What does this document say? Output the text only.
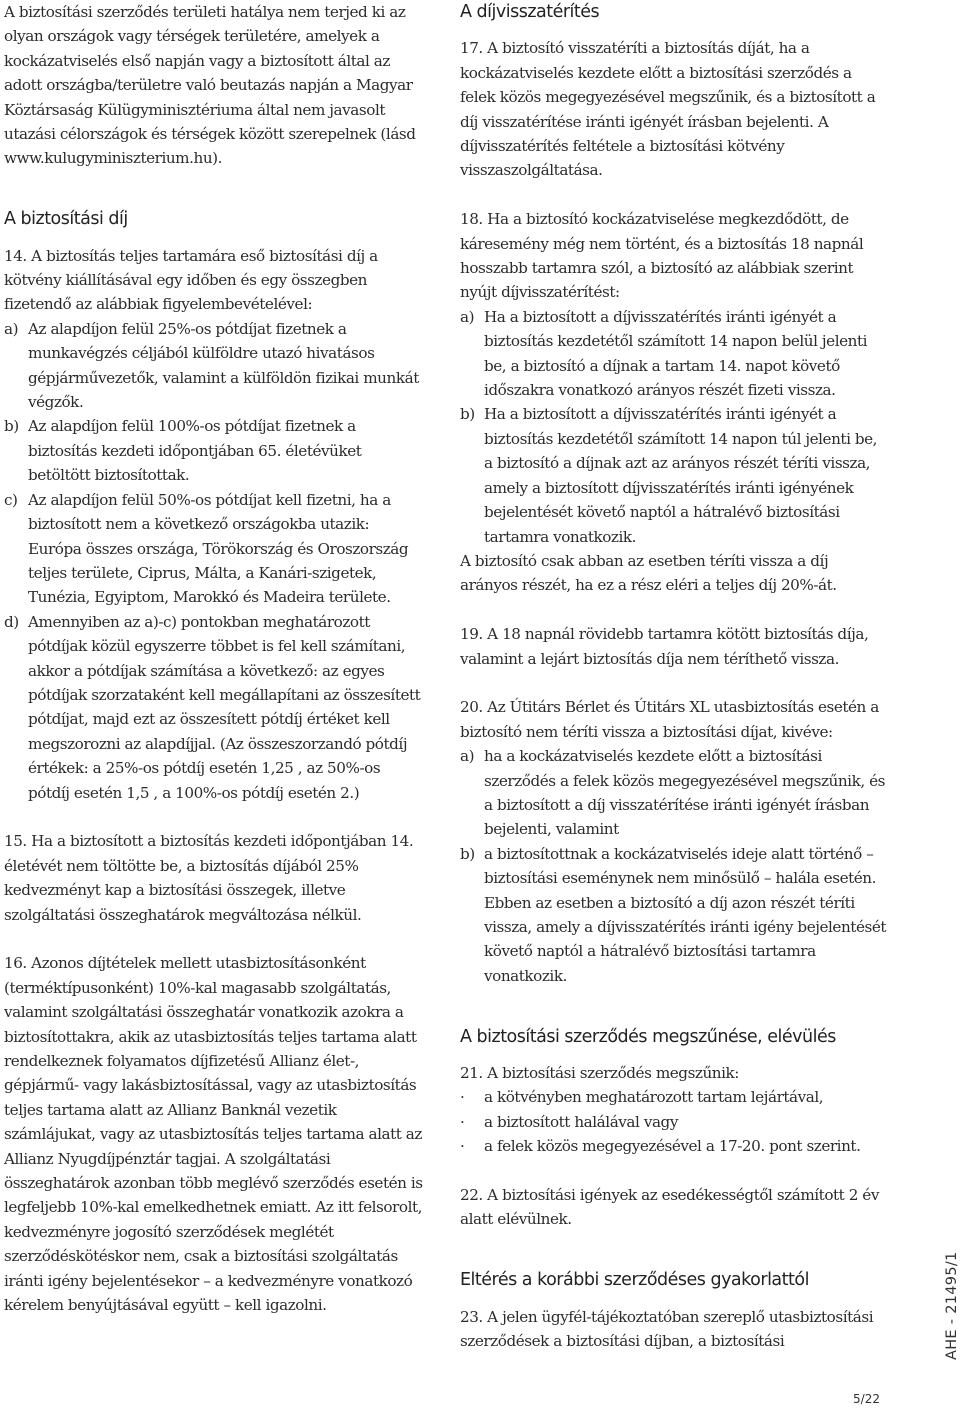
A biztosítási szerződés területi hatálya nem terjed ki az olyan országok vagy térségek területére, amelyek a kockázatviselés első napján vagy a biztosított által az adott országba/területre való beutazás napján a Magyar Köztársaság Külügyminisztériuma által nem javasolt utazási célországok és térségek között szerepelnek (lásd www.kulugyminiszterium.hu).

A biztosítási díj

14. A biztosítás teljes tartamára eső biztosítási díj a kötvény kiállításával egy időben és egy összegben fizetendő az alábbiak figyelembevételével:

a) Az alapdíjon felül 25%-os pótdíjat fizetnek a munkavégzés céljából külföldre utazó hivatásos gépjárművezetők, valamint a külföldön fizikai munkát végzők.
b) Az alapdíjon felül 100%-os pótdíjat fizetnek a biztosítás kezdeti időpontjában 65. életévüket betöltött biztosítottak.
c) Az alapdíjon felül 50%-os pótdíjat kell fizetni, ha a biztosított nem a következő országokba utazik: Európa összes országa, Törökország és Oroszország teljes területe, Ciprus, Málta, a Kanári-szigetek, Tunézia, Egyiptom, Marokkó és Madeira területe.
d) Amennyiben az a)-c) pontokban meghatározott pótdíjak közül egyszerre többet is fel kell számítani, akkor a pótdíjak számítása a következő: az egyes pótdíjak szorzataként kell megállapítani az összesített pótdíjat, majd ezt az összesített pótdíj értéket kell megszorozni az alapdíjjal. (Az összeszorzandó pótdíj értékek: a 25%-os pótdíj esetén 1,25 , az 50%-os pótdíj esetén 1,5 , a 100%-os pótdíj esetén 2.)

15. Ha a biztosított a biztosítás kezdeti időpontjában 14. életévét nem töltötte be, a biztosítás díjából 25% kedvezményt kap a biztosítási összegek, illetve szolgáltatási összeghatárok megváltozása nélkül.

16. Azonos díjtételek mellett utasbiztosításonként (terméktípusonként) 10%-kal magasabb szolgáltatás, valamint szolgáltatási összeghatár vonatkozik azokra a biztosítottakra, akik az utasbiztosítás teljes tartama alatt rendelkeznek folyamatos díjfizetésű Allianz élet-, gépjármű- vagy lakásbiztosítással, vagy az utasbiztosítás teljes tartama alatt az Allianz Banknál vezetik számlájukat, vagy az utasbiztosítás teljes tartama alatt az Allianz Nyugdíjpénztár tagjai. A szolgáltatási összeghatárok azonban több meglévő szerződés esetén is legfeljebb 10%-kal emelkedhetnek emiatt. Az itt felsorolt, kedvezményre jogosító szerződések meglétét szerződéskötéskor nem, csak a biztosítási szolgáltatás iránti igény bejelentésekor – a kedvezményre vonatkozó kérelem benyújtásával együtt – kell igazolni.

A díjvisszatérítés

17. A biztosító visszatéríti a biztosítás díját, ha a kockázatviselés kezdete előtt a biztosítási szerződés a felek közös megegyezésével megszűnik, és a biztosított a díj visszatérítése iránti igényét írásban bejelenti. A díjvisszatérítés feltétele a biztosítási kötvény visszaszolgáltatása.

18. Ha a biztosító kockázatviselése megkezdődött, de káresemény még nem történt, és a biztosítás 18 napnál hosszabb tartamra szól, a biztosító az alábbiak szerint nyújt díjvisszatérítést:

a) Ha a biztosított a díjvisszatérítés iránti igényét a biztosítás kezdetétől számított 14 napon belül jelenti be, a biztosító a díjnak a tartam 14. napot követő időszakra vonatkozó arányos részét fizeti vissza.
b) Ha a biztosított a díjvisszatérítés iránti igényét a biztosítás kezdetétől számított 14 napon túl jelenti be, a biztosító a díjnak azt az arányos részét téríti vissza, amely a biztosított díjvisszatérítés iránti igényének bejelentését követő naptól a hátralévő biztosítási tartamra vonatkozik.

A biztosító csak abban az esetben téríti vissza a díj arányos részét, ha ez a rész eléri a teljes díj 20%-át.

19. A 18 napnál rövidebb tartamra kötött biztosítás díja, valamint a lejárt biztosítás díja nem téríthető vissza.

20. Az Útitárs Bérlet és Útitárs XL utasbiztosítás esetén a biztosító nem téríti vissza a biztosítási díjat, kivéve:

a) ha a kockázatviselés kezdete előtt a biztosítási szerződés a felek közös megegyezésével megszűnik, és a biztosított a díj visszatérítése iránti igényét írásban bejelenti, valamint
b) a biztosítottnak a kockázatviselés ideje alatt történő – biztosítási eseménynek nem minősülő – halála esetén. Ebben az esetben a biztosító a díj azon részét téríti vissza, amely a díjvisszatérítés iránti igény bejelentését követő naptól a hátralévő biztosítási tartamra vonatkozik.
A biztosítási szerződés megszűnése, elévülés

21. A biztosítási szerződés megszűnik:

·	a kötvényben meghatározott tartam lejártával,
·	a biztosított halálával vagy
·	a felek közös megegyezésével a 17-20. pont szerint.

22. A biztosítási igények az esedékességtől számított 2 év alatt elévülnek.

Eltérés a korábbi szerződéses gyakorlattól

23. A jelen ügyfél-tájékoztatóban szereplő utasbiztosítási szerződések a biztosítási díjban, a biztosítási	AHE - 21495/1
5/22
